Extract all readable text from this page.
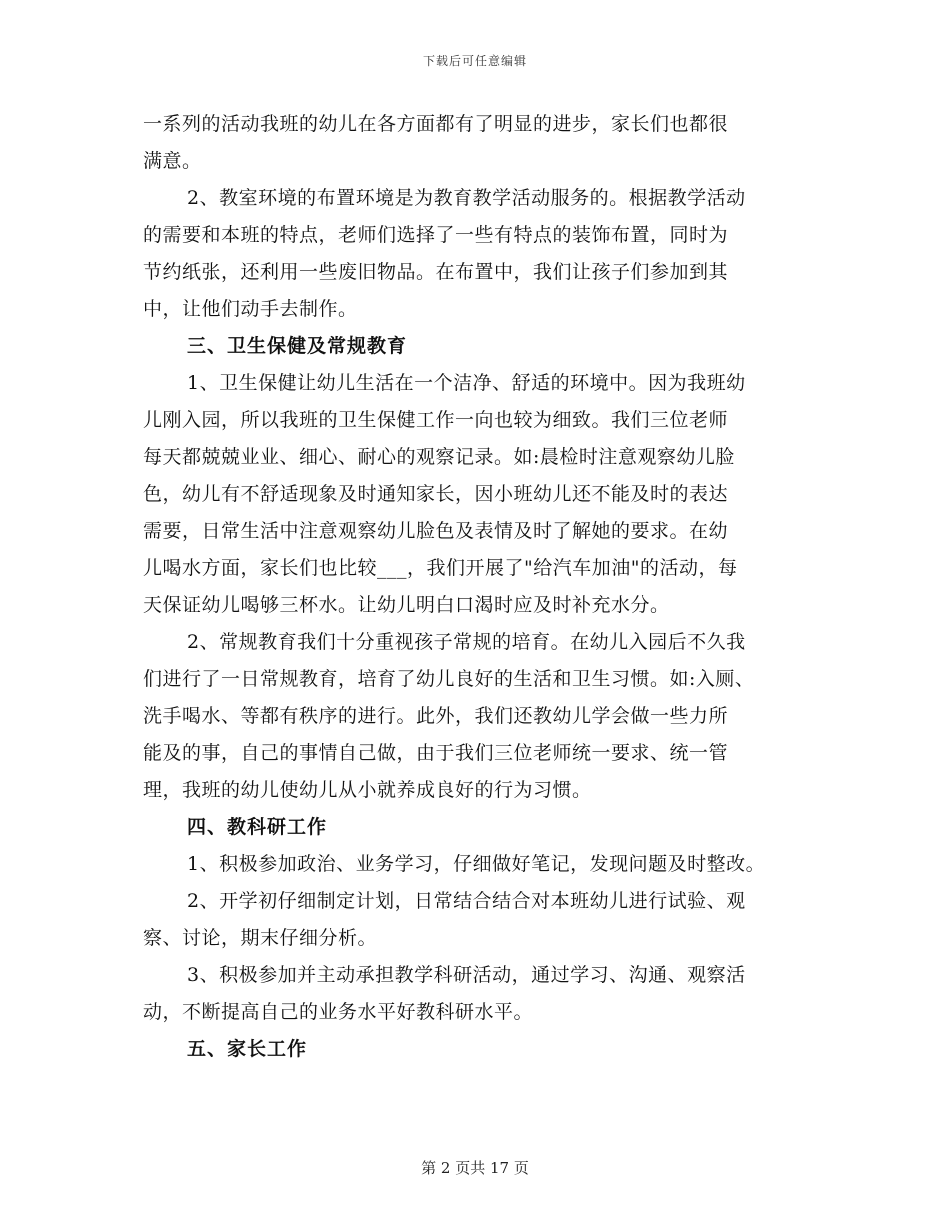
下载后可任意编辑
一系列的活动我班的幼儿在各方面都有了明显的进步，家长们也都很
满意。
2、教室环境的布置环境是为教育教学活动服务的。根据教学活动
的需要和本班的特点，老师们选择了一些有特点的装饰布置，同时为
节约纸张，还利用一些废旧物品。在布置中，我们让孩子们参加到其
中，让他们动手去制作。
三、卫生保健及常规教育
1、卫生保健让幼儿生活在一个洁净、舒适的环境中。因为我班幼
儿刚入园，所以我班的卫生保健工作一向也较为细致。我们三位老师
每天都兢兢业业、细心、耐心的观察记录。如:晨检时注意观察幼儿脸
色，幼儿有不舒适现象及时通知家长，因小班幼儿还不能及时的表达
需要，日常生活中注意观察幼儿脸色及表情及时了解她的要求。在幼
儿喝水方面，家长们也比较___，我们开展了"给汽车加油"的活动，每
天保证幼儿喝够三杯水。让幼儿明白口渴时应及时补充水分。
2、常规教育我们十分重视孩子常规的培育。在幼儿入园后不久我
们进行了一日常规教育，培育了幼儿良好的生活和卫生习惯。如:入厕、
洗手喝水、等都有秩序的进行。此外，我们还教幼儿学会做一些力所
能及的事，自己的事情自己做，由于我们三位老师统一要求、统一管
理，我班的幼儿使幼儿从小就养成良好的行为习惯。
四、教科研工作
1、积极参加政治、业务学习，仔细做好笔记，发现问题及时整改。
2、开学初仔细制定计划，日常结合结合对本班幼儿进行试验、观
察、讨论，期末仔细分析。
3、积极参加并主动承担教学科研活动，通过学习、沟通、观察活
动，不断提高自己的业务水平好教科研水平。
五、家长工作
第 2 页共 17 页
